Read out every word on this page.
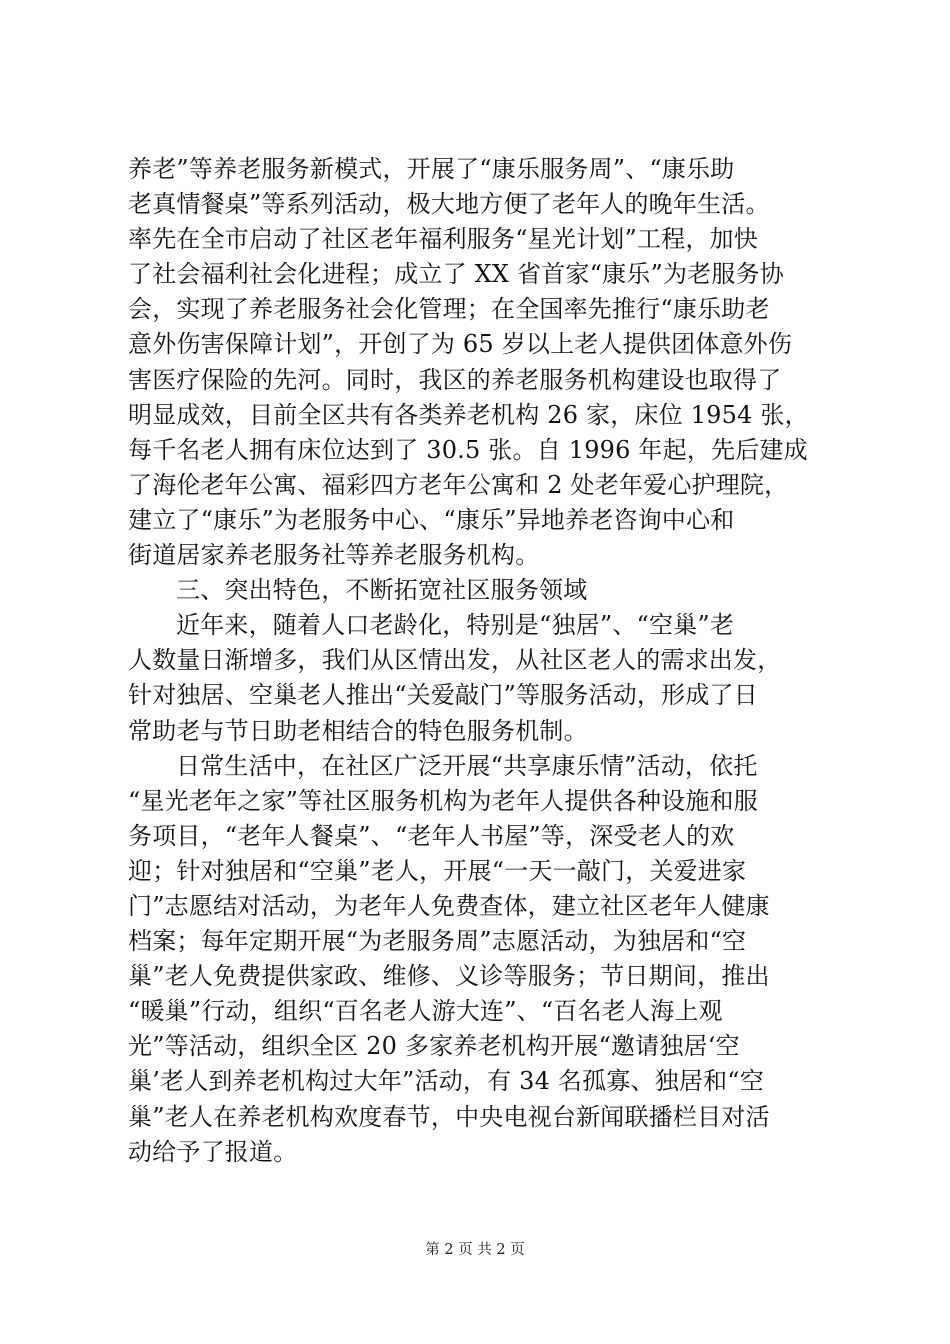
养老”等养老服务新模式，开展了“康乐服务周”、“康乐助
老真情餐桌”等系列活动，极大地方便了老年人的晚年生活。
率先在全市启动了社区老年福利服务“星光计划”工程，加快
了社会福利社会化进程；成立了 XX 省首家“康乐”为老服务协
会，实现了养老服务社会化管理；在全国率先推行“康乐助老
意外伤害保障计划”，开创了为 65 岁以上老人提供团体意外伤
害医疗保险的先河。同时，我区的养老服务机构建设也取得了
明显成效，目前全区共有各类养老机构 26 家，床位 1954 张，
每千名老人拥有床位达到了 30.5 张。自 1996 年起，先后建成
了海伦老年公寓、福彩四方老年公寓和 2 处老年爱心护理院，
建立了“康乐”为老服务中心、“康乐”异地养老咨询中心和
街道居家养老服务社等养老服务机构。
三、突出特色，不断拓宽社区服务领域
近年来，随着人口老龄化，特别是“独居”、“空巢”老
人数量日渐增多，我们从区情出发，从社区老人的需求出发，
针对独居、空巢老人推出“关爱敲门”等服务活动，形成了日
常助老与节日助老相结合的特色服务机制。
日常生活中，在社区广泛开展“共享康乐情”活动，依托
“星光老年之家”等社区服务机构为老年人提供各种设施和服
务项目，“老年人餐桌”、“老年人书屋”等，深受老人的欢
迎；针对独居和“空巢”老人，开展“一天一敲门，关爱进家
门”志愿结对活动，为老年人免费查体，建立社区老年人健康
档案；每年定期开展“为老服务周”志愿活动，为独居和“空
巢”老人免费提供家政、维修、义诊等服务；节日期间，推出
“暖巢”行动，组织“百名老人游大连”、“百名老人海上观
光”等活动，组织全区 20 多家养老机构开展“邀请独居‘空
巢’老人到养老机构过大年”活动，有 34 名孤寡、独居和“空
巢”老人在养老机构欢度春节，中央电视台新闻联播栏目对活
动给予了报道。
第 2 页 共 2 页
